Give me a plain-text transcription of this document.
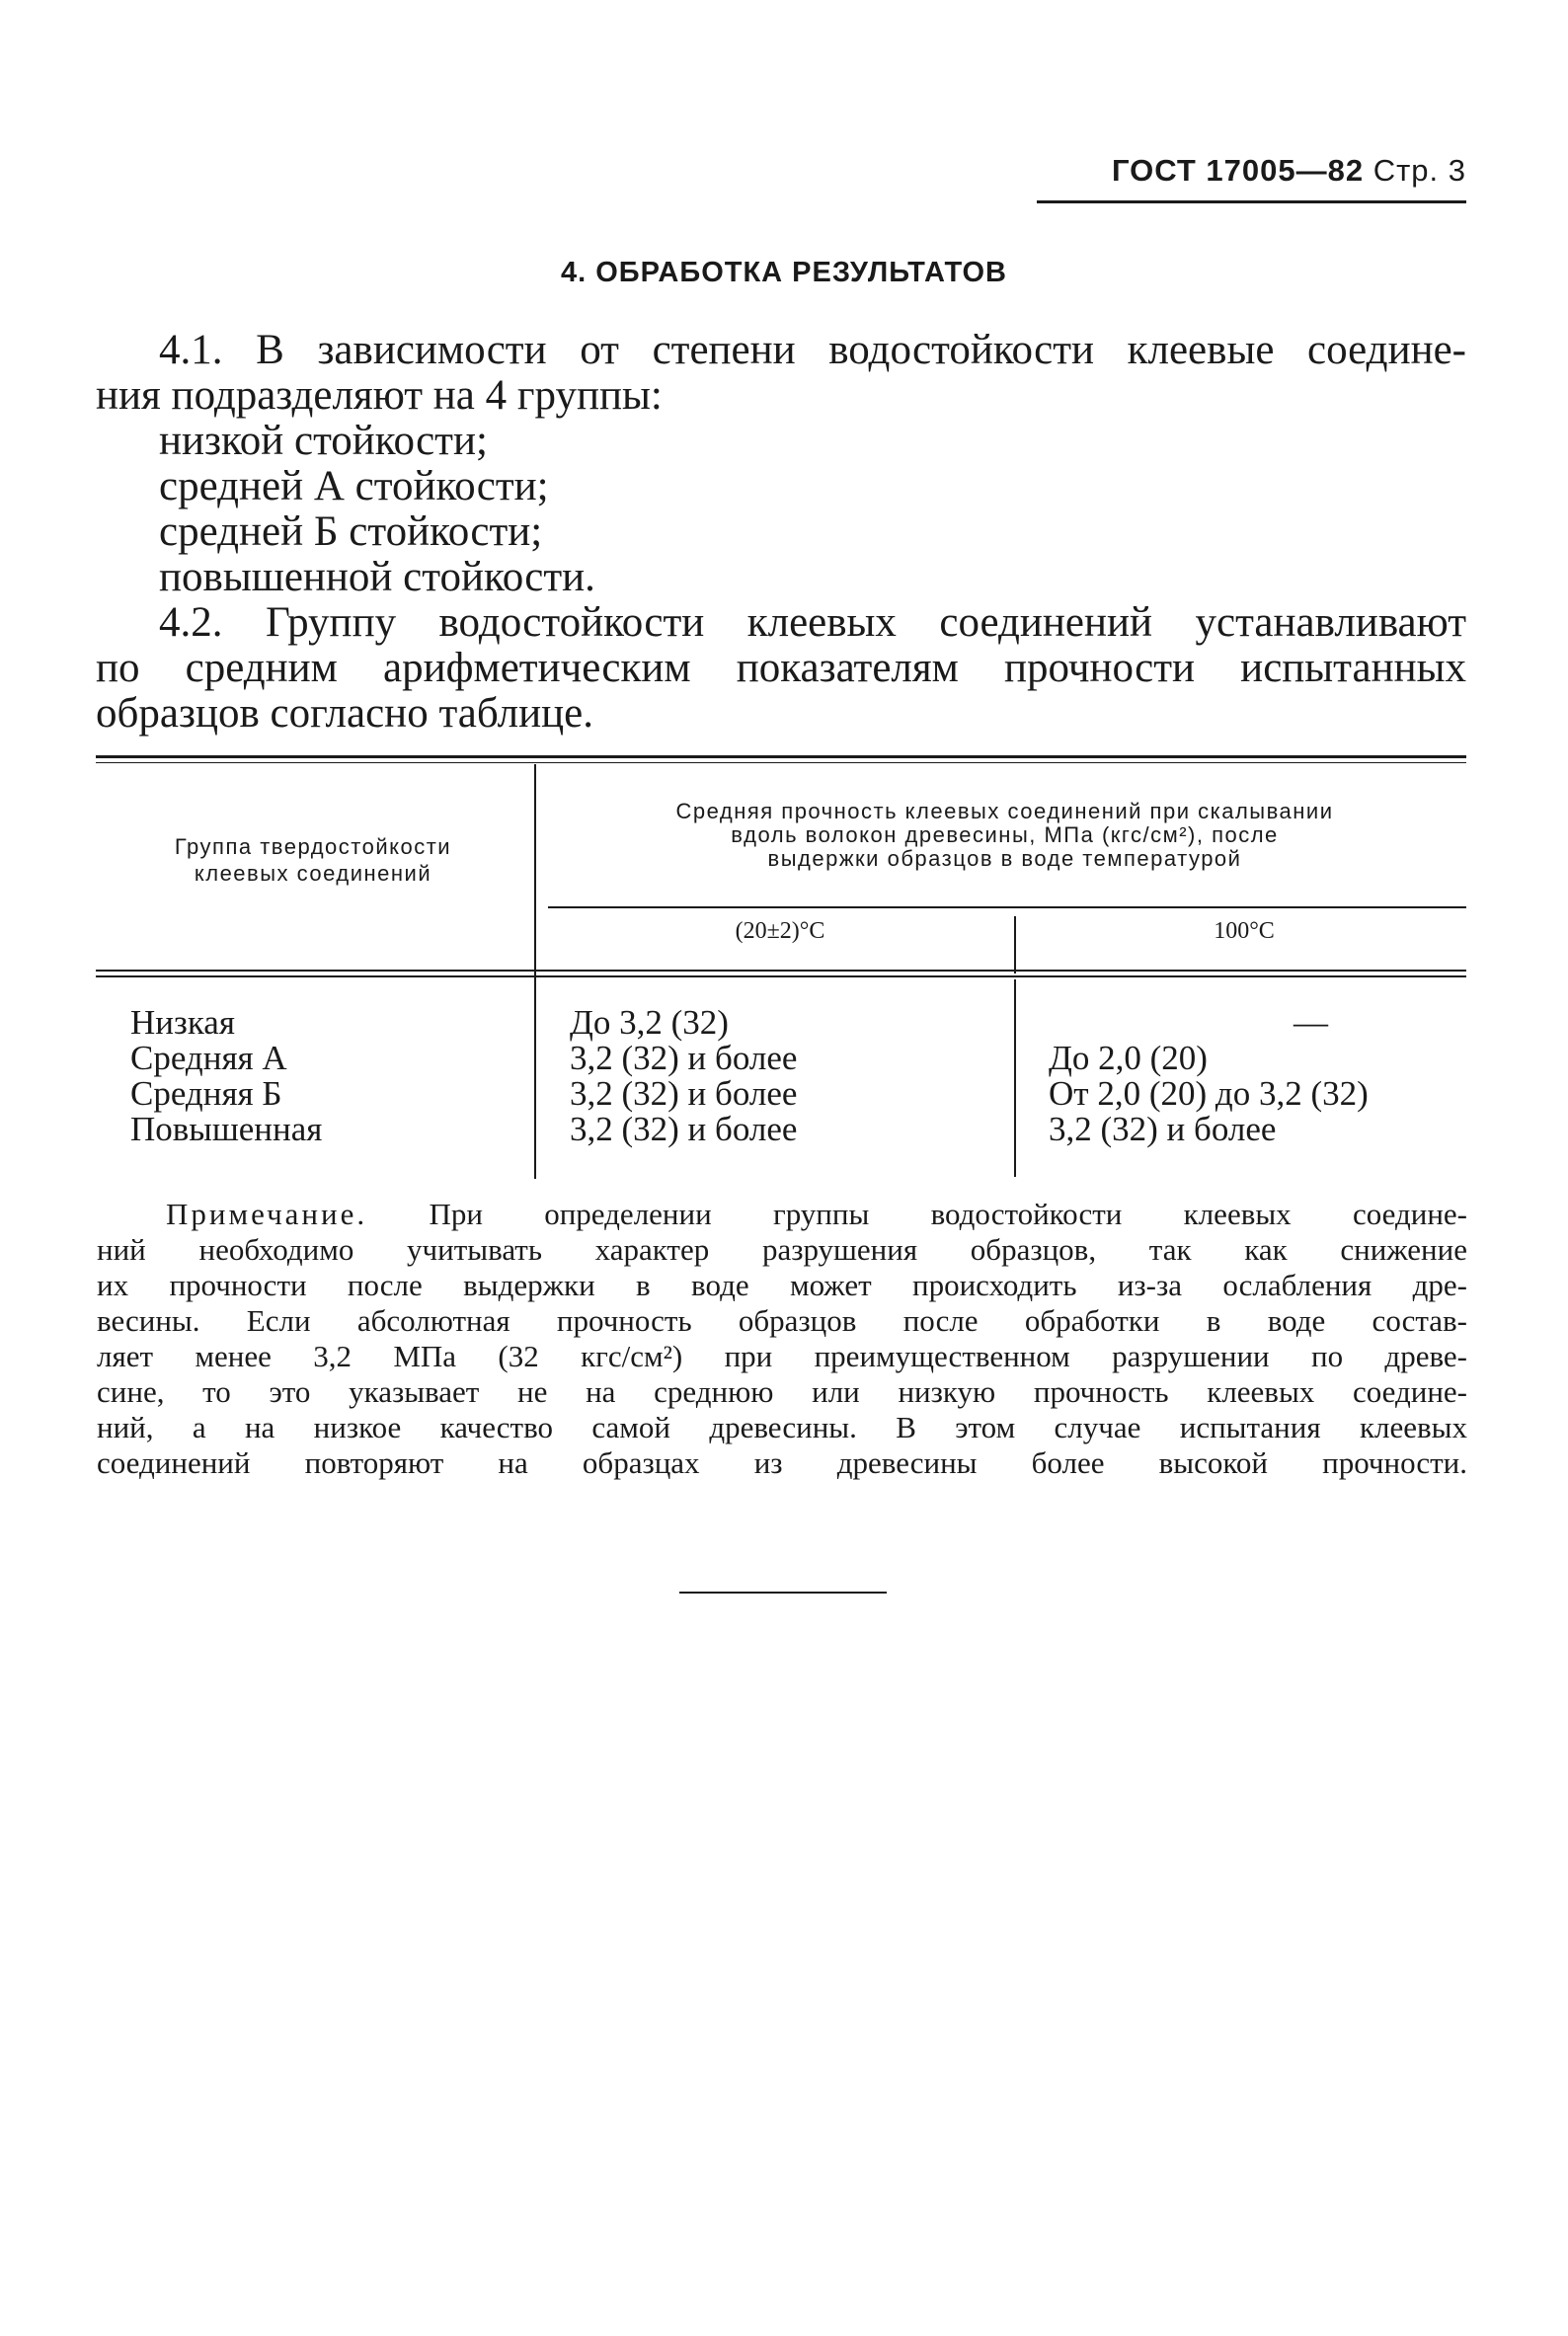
ГОСТ 17005—82 Стр. 3
4. ОБРАБОТКА РЕЗУЛЬТАТОВ
4.1. В зависимости от степени водостойкости клеевые соедине-
ния подразделяют на 4 группы:
низкой стойкости;
средней А стойкости;
средней Б стойкости;
повышенной стойкости.
4.2. Группу водостойкости клеевых соединений устанавливают
по средним арифметическим показателям прочности испытанных
образцов согласно таблице.
Группа твердостойкости
клеевых соединений
Средняя прочность клеевых соединений при скалывании
вдоль волокон древесины, МПа (кгс/см²), после
выдержки образцов в воде температурой
(20±2)°С	100°С
Низкая
Средняя А
Средняя Б
Повышенная
До 3,2 (32)
3,2 (32) и более
3,2 (32) и более
3,2 (32) и более
—
До 2,0 (20)
От 2,0 (20) до 3,2 (32)
3,2 (32) и более
Примечание. При определении группы водостойкости клеевых соедине-
ний необходимо учитывать характер разрушения образцов, так как снижение
их прочности после выдержки в воде может происходить из-за ослабления дре-
весины. Если абсолютная прочность образцов после обработки в воде состав-
ляет менее 3,2 МПа (32 кгс/см²) при преимущественном разрушении по древе-
сине, то это указывает не на среднюю или низкую прочность клеевых соедине-
ний, а на низкое качество самой древесины. В этом случае испытания клеевых
соединений повторяют на образцах из древесины более высокой прочности.
